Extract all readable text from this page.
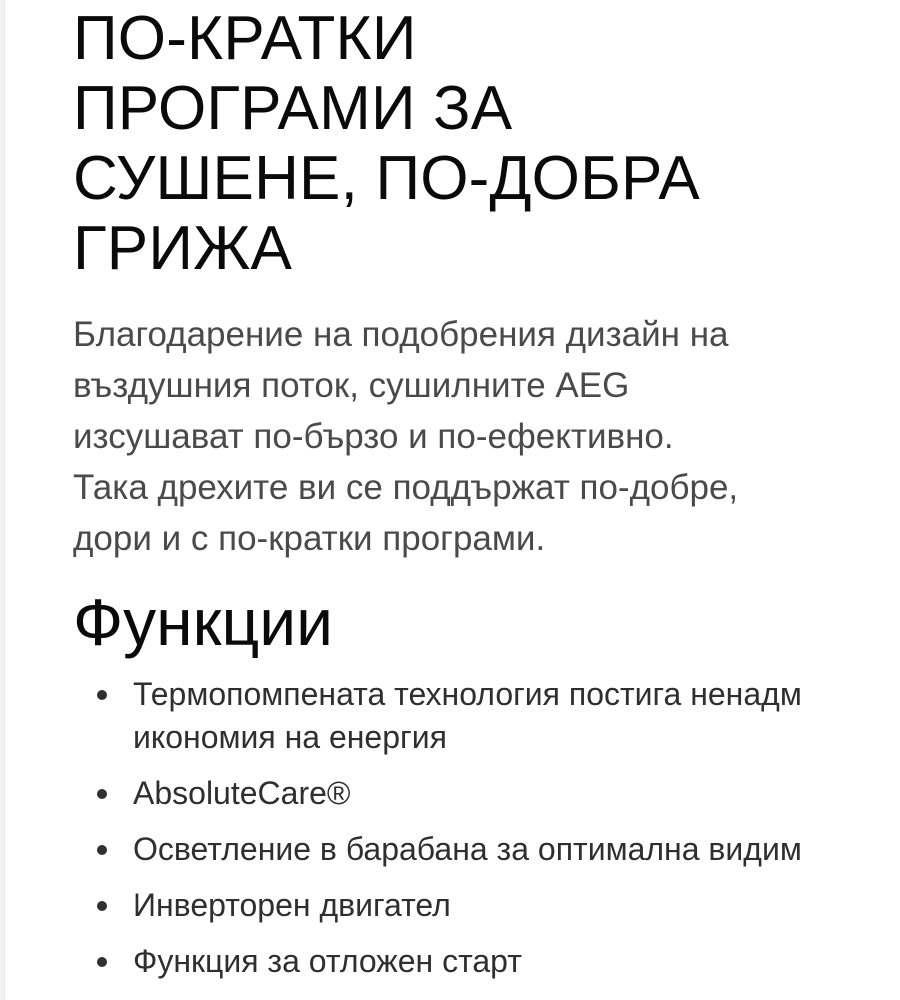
ПО-КРАТКИ
ПРОГРАМИ ЗА
СУШЕНЕ, ПО-ДОБРА
ГРИЖА

Благодарение на подобрения дизайн на
въздушния поток, сушилните AEG
изсушават по-бързо и по-ефективно.
Така дрехите ви се поддържат по-добре,
дори и с по-кратки програми.

Функции
Термопомпената технология постига ненадм
икономия на енергия
AbsoluteCare®
Осветление в барабана за оптимална видим
Инверторен двигател
Функция за отложен старт
